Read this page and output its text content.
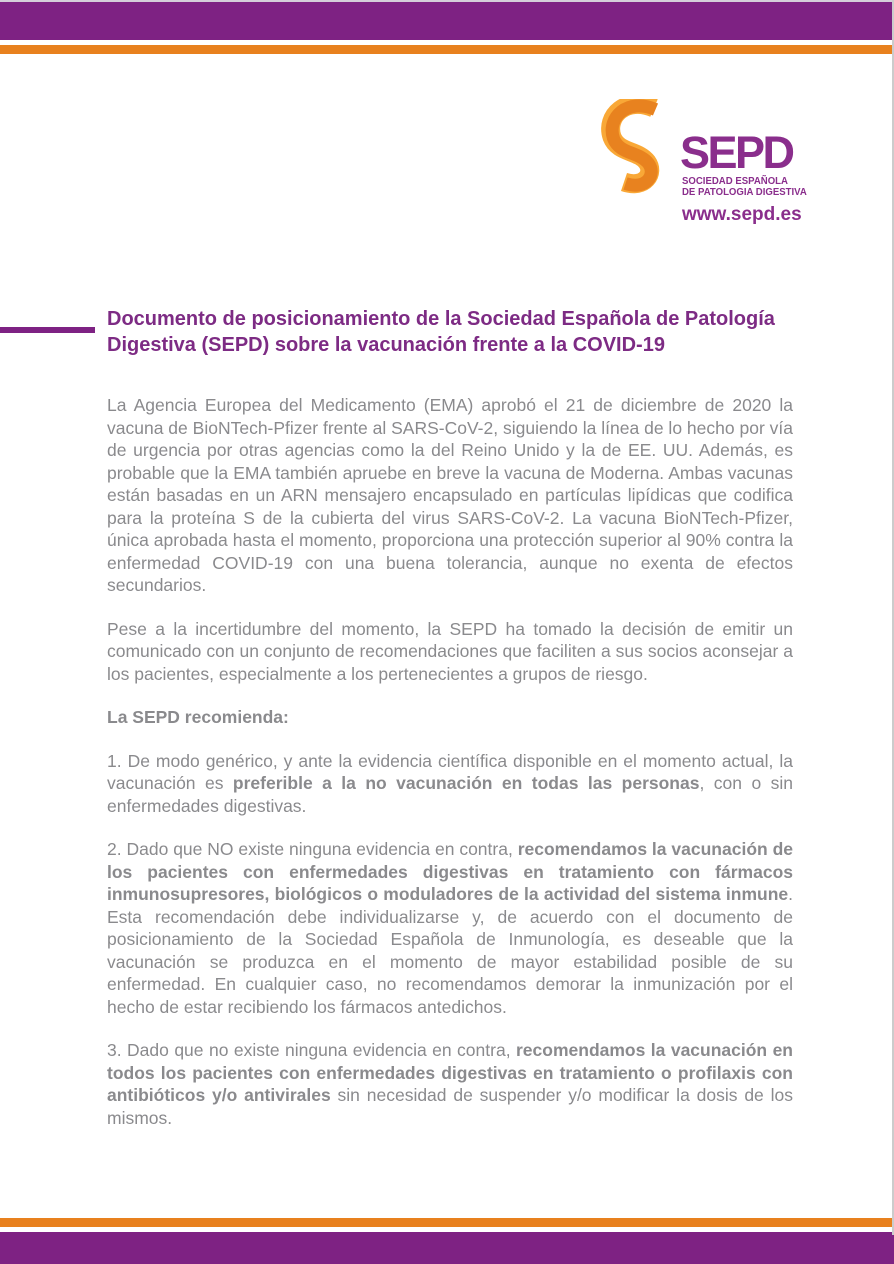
SEPD
SOCIEDAD ESPAÑOLA
DE PATOLOGIA DIGESTIVA
www.sepd.es
Documento de posicionamiento de la Sociedad Española de Patología
Digestiva (SEPD) sobre la vacunación frente a la COVID-19

La Agencia Europea del Medicamento (EMA) aprobó el 21 de diciembre de 2020 la vacuna de BioNTech-Pfizer frente al SARS-CoV-2, siguiendo la línea de lo hecho por vía de urgencia por otras agencias como la del Reino Unido y la de EE. UU. Además, es probable que la EMA también apruebe en breve la vacuna de Moderna. Ambas vacunas están basadas en un ARN mensajero encapsulado en partículas lipídicas que codifica para la proteína S de la cubierta del virus SARS-CoV-2. La vacuna BioNTech-Pfizer, única aprobada hasta el momento, proporciona una protección superior al 90% contra la enfermedad COVID-19 con una buena tolerancia, aunque no exenta de efectos secundarios.

Pese a la incertidumbre del momento, la SEPD ha tomado la decisión de emitir un comunicado con un conjunto de recomendaciones que faciliten a sus socios aconsejar a los pacientes, especialmente a los pertenecientes a grupos de riesgo.

La SEPD recomienda:

1. De modo genérico, y ante la evidencia científica disponible en el momento actual, la vacunación es preferible a la no vacunación en todas las personas, con o sin enfermedades digestivas.

2. Dado que NO existe ninguna evidencia en contra, recomendamos la vacunación de los pacientes con enfermedades digestivas en tratamiento con fármacos inmunosupresores, biológicos o moduladores de la actividad del sistema inmune. Esta recomendación debe individualizarse y, de acuerdo con el documento de posicionamiento de la Sociedad Española de Inmunología, es deseable que la vacunación se produzca en el momento de mayor estabilidad posible de su enfermedad. En cualquier caso, no recomendamos demorar la inmunización por el hecho de estar recibiendo los fármacos antedichos.

3. Dado que no existe ninguna evidencia en contra, recomendamos la vacunación en todos los pacientes con enfermedades digestivas en tratamiento o profilaxis con antibióticos y/o antivirales sin necesidad de suspender y/o modificar la dosis de los mismos.
